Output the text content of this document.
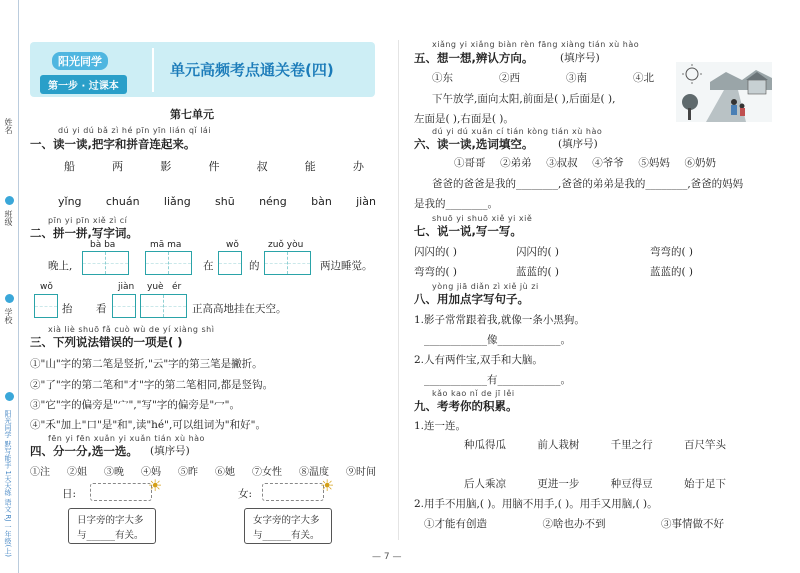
姓名
班级
学校
阳光同学 默写能手 1天天练 语文 RJ 一年级(上)
阳光同学
第一步 · 过课本
单元高频考点通关卷(四)
第七单元
dú yi dú bǎ zì hé pīn yīn lián qǐ lái
一、读一读,把字和拼音连起来。
船	两	影	件	叔	能	办
yǐng chuán liǎng shū néng bàn jiàn
pīn yi pīn xiě zì cí
二、拼一拼,写字词。
bà ba	mā ma	wǒ	zuǒ yòu
晚上,	在	的	两边睡觉。
wǒ	jiàn yuè ér
抬 看	正高高地挂在天空。
xià liè shuō fǎ cuò wù de yí xiàng shì
三、下列说法错误的一项是( )
①"山"字的第二笔是竖折,"云"字的第三笔是撇折。
②"了"字的第二笔和"才"字的第二笔相同,都是竖钩。
③"它"字的偏旁是"宀","写"字的偏旁是"冖"。
④"禾"加上"口"是"和",读"hé",可以组词为"和好"。
fēn yi fēn xuǎn yi xuǎn tián xù hào
四、分一分,选一选。 (填序号)
①注 ②姐 ③晚 ④妈 ⑤昨 ⑥她 ⑦女性 ⑧温度 ⑨时间
日:	☀
日字旁的字大多
与______有关。
女:	☀
女字旁的字大多
与______有关。
xiǎng yi xiǎng biàn rèn fāng xiàng tián xù hào
五、想一想,辨认方向。	(填序号)
①东	②西	③南	④北
下午放学,面向太阳,前面是( ),后面是( ),
左面是( ),右面是( )。
dú yi dú xuǎn cí tián kòng tián xù hào
六、读一读,选词填空。 (填序号)
①哥哥 ②弟弟 ③叔叔 ④爷爷 ⑤妈妈 ⑥奶奶
爸爸的爸爸是我的________,爸爸的弟弟是我的________,爸爸的妈妈
是我的________。
shuō yi shuō xiě yi xiě
七、说一说,写一写。
闪闪的( )	闪闪的( )	弯弯的( )
弯弯的( )	蓝蓝的( )	蓝蓝的( )
yòng jiā diǎn zì xiě jù zi
八、用加点字写句子。
1.影子常常跟着我,就像一条小黑狗。
____________像____________。
2.人有两件宝,双手和大脑。
____________有____________。
kǎo kao nǐ de jī lěi
九、考考你的积累。
1.连一连。
种瓜得瓜	前人栽树	千里之行	百尺竿头
后人乘凉	更进一步	种豆得豆	始于足下
2.用手不用脑,( )。用脑不用手,( )。用手又用脑,( )。
①才能有创造	②啥也办不到	③事情做不好
— 7 —
